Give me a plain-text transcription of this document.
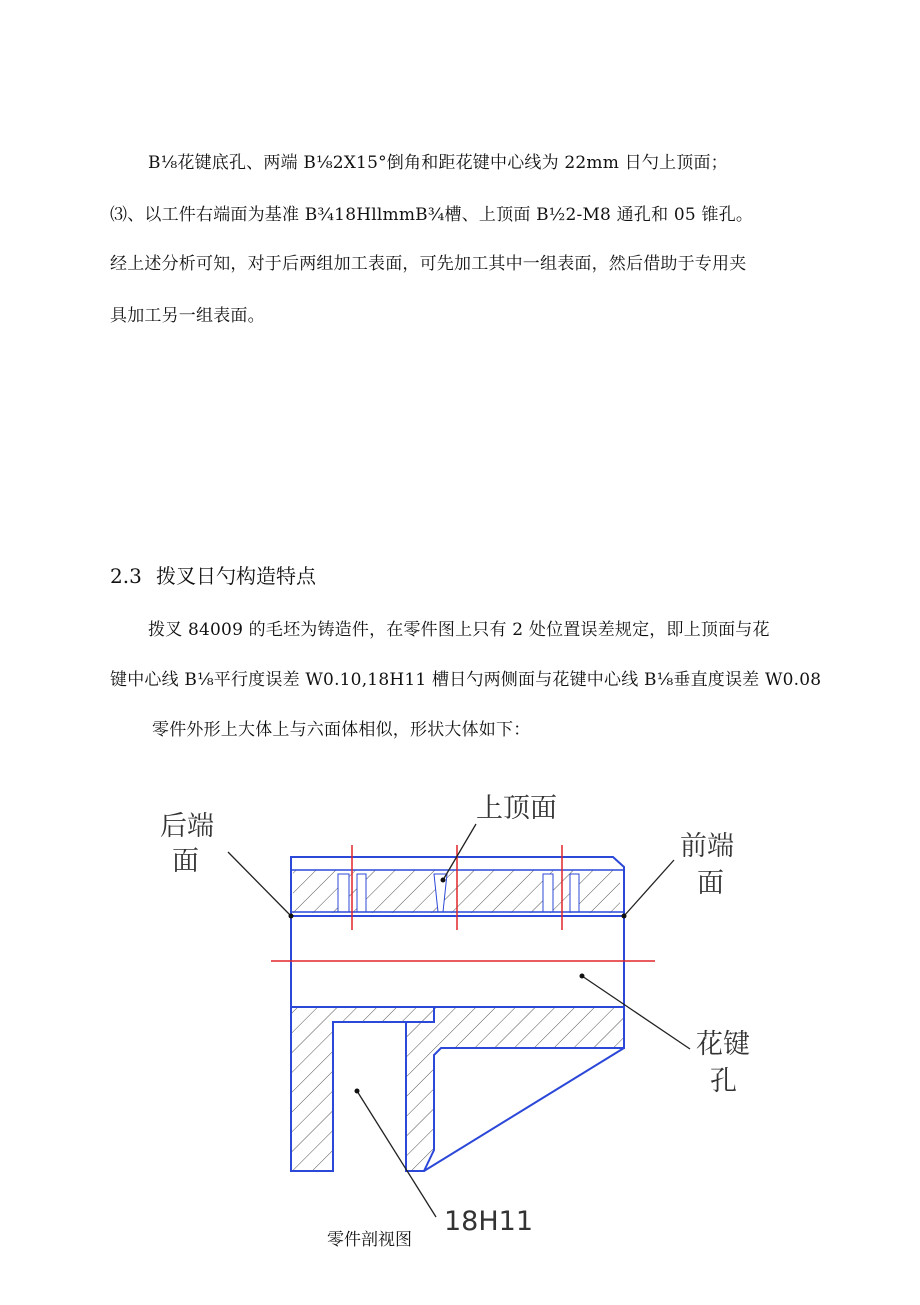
B⅛花键底孔、两端 B⅛2X15°倒角和距花键中心线为 22mm 日勺上顶面；
⑶、以工件右端面为基准 B¾18HllmmB¾槽、上顶面 B½2-M8 通孔和 05 锥孔。
经上述分析可知，对于后两组加工表面，可先加工其中一组表面，然后借助于专用夹
具加工另一组表面。
2.3 拨叉日勺构造特点
拨叉 84009 的毛坯为铸造件，在零件图上只有 2 处位置误差规定，即上顶面与花
键中心线 B⅛平行度误差 W0.10,18H11 槽日勺两侧面与花键中心线 B⅛垂直度误差 W0.08
零件外形上大体上与六面体相似，形状大体如下：
后端
面
上顶面
前端
面
花键
孔
18H11
零件剖视图
